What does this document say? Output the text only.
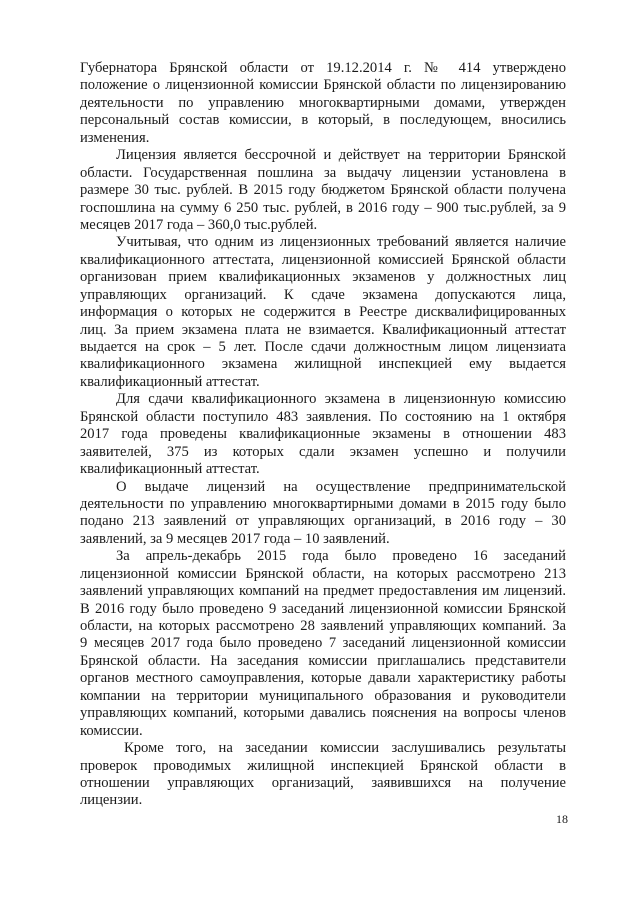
Губернатора Брянской области от 19.12.2014 г. № 414 утверждено
положение о лицензионной комиссии Брянской области по лицензированию
деятельности по управлению многоквартирными домами, утвержден
персональный состав комиссии, в который, в последующем, вносились
изменения.
Лицензия является бессрочной и действует на территории Брянской
области. Государственная пошлина за выдачу лицензии установлена в
размере 30 тыс. рублей. В 2015 году бюджетом Брянской области получена
госпошлина на сумму 6 250 тыс. рублей, в 2016 году – 900 тыс.рублей, за 9
месяцев 2017 года – 360,0 тыс.рублей.
Учитывая, что одним из лицензионных требований является наличие
квалификационного аттестата, лицензионной комиссией Брянской области
организован прием квалификационных экзаменов у должностных лиц
управляющих организаций. К сдаче экзамена допускаются лица,
информация о которых не содержится в Реестре дисквалифицированных
лиц. За прием экзамена плата не взимается. Квалификационный аттестат
выдается на срок – 5 лет. После сдачи должностным лицом лицензиата
квалификационного экзамена жилищной инспекцией ему выдается
квалификационный аттестат.
Для сдачи квалификационного экзамена в лицензионную комиссию
Брянской области поступило 483 заявления. По состоянию на 1 октября
2017 года проведены квалификационные экзамены в отношении 483
заявителей, 375 из которых сдали экзамен успешно и получили
квалификационный аттестат.
О выдаче лицензий на осуществление предпринимательской
деятельности по управлению многоквартирными домами в 2015 году было
подано 213 заявлений от управляющих организаций, в 2016 году – 30
заявлений, за 9 месяцев 2017 года – 10 заявлений.
За апрель-декабрь 2015 года было проведено 16 заседаний
лицензионной комиссии Брянской области, на которых рассмотрено 213
заявлений управляющих компаний на предмет предоставления им лицензий.
В 2016 году было проведено 9 заседаний лицензионной комиссии Брянской
области, на которых рассмотрено 28 заявлений управляющих компаний. За
9 месяцев 2017 года было проведено 7 заседаний лицензионной комиссии
Брянской области. На заседания комиссии приглашались представители
органов местного самоуправления, которые давали характеристику работы
компании на территории муниципального образования и руководители
управляющих компаний, которыми давались пояснения на вопросы членов
комиссии.
Кроме того, на заседании комиссии заслушивались результаты
проверок проводимых жилищной инспекцией Брянской области в
отношении управляющих организаций, заявившихся на получение
лицензии.
18
